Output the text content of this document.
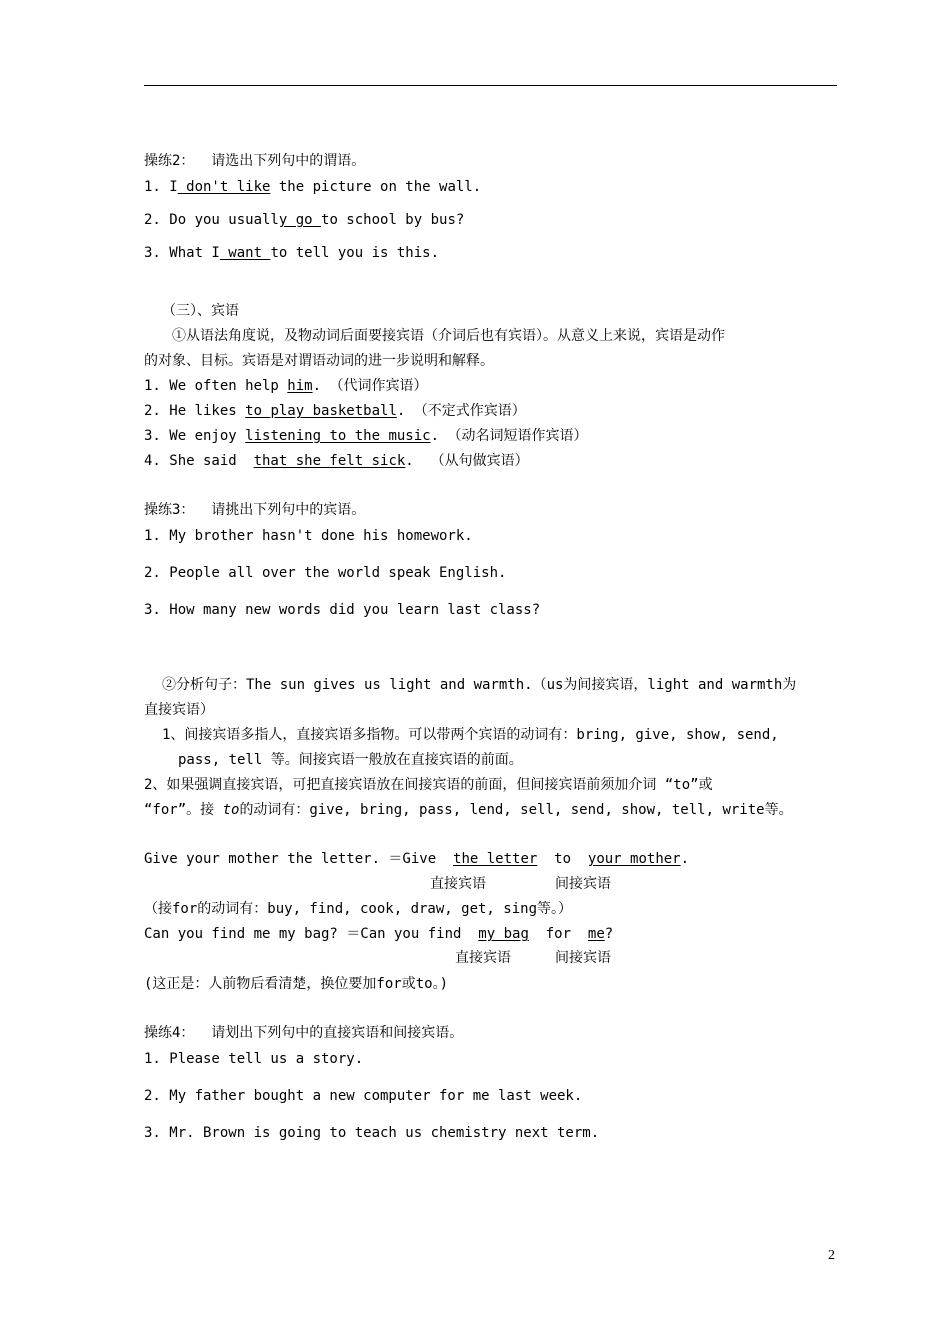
操练2：  请选出下列句中的谓语。
1. I don't like the picture on the wall.
2. Do you usually go to school by bus?
3. What I want to tell you is this.
（三）、宾语
①从语法角度说，及物动词后面要接宾语（介词后也有宾语）。从意义上来说，宾语是动作
的对象、目标。宾语是对谓语动词的进一步说明和解释。
1. We often help him. （代词作宾语）
2. He likes to play basketball. （不定式作宾语）
3. We enjoy listening to the music. （动名词短语作宾语）
4. She said  that she felt sick.  （从句做宾语）
操练3：  请挑出下列句中的宾语。
1. My brother hasn't done his homework.
2. People all over the world speak English.
3. How many new words did you learn last class?
②分析句子：The sun gives us light and warmth.（us为间接宾语，light and warmth为
直接宾语）
1、间接宾语多指人，直接宾语多指物。可以带两个宾语的动词有：bring, give, show, send,
pass, tell 等。间接宾语一般放在直接宾语的前面。
2、如果强调直接宾语，可把直接宾语放在间接宾语的前面，但间接宾语前须加介词 “to”或
“for”。接 to的动词有：give, bring, pass, lend, sell, send, show, tell, write等。
Give your mother the letter. ＝Give  the letter  to  your mother.
直接宾语	间接宾语
（接for的动词有：buy, find, cook, draw, get, sing等。）
Can you find me my bag? ＝Can you find  my bag  for  me?
直接宾语	间接宾语
(这正是：人前物后看清楚，换位要加for或to。)
操练4：  请划出下列句中的直接宾语和间接宾语。
1. Please tell us a story.
2. My father bought a new computer for me last week.
3. Mr. Brown is going to teach us chemistry next term.
2
